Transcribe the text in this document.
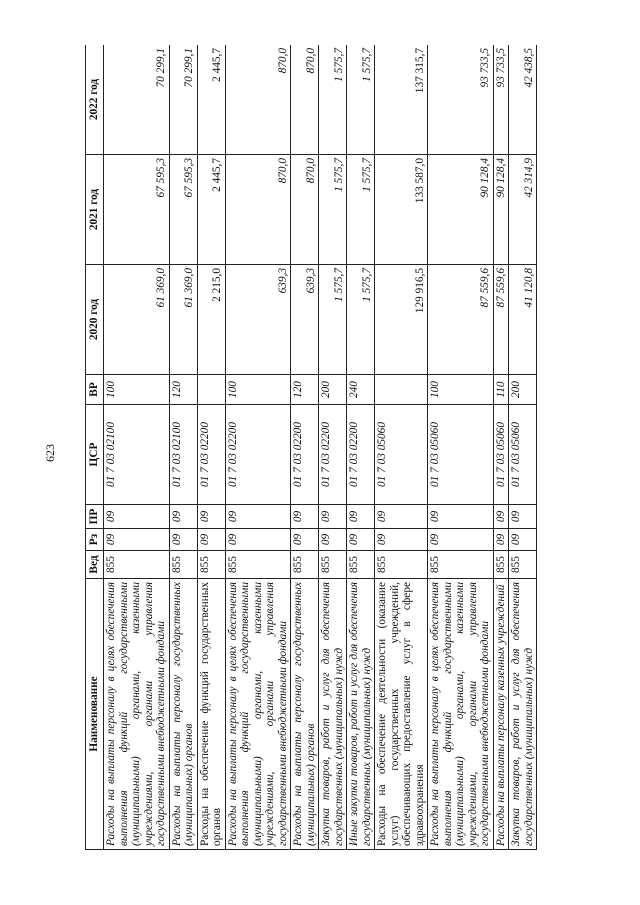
623
Наименование	Вед	Рз	ПР	ЦСР	ВР	2020 год	2021 год	2022 год
Расходы на выплаты персоналу в целях обеспечения выполнения функций государственными (муниципальными) органами, казенными учреждениями, органами управления государственными внебюджетными фондами	855	09	09	01 7 03 02100	100	61 369,0	67 595,3	70 299,1
Расходы на выплаты персоналу государственных (муниципальных) органов	855	09	09	01 7 03 02100	120	61 369,0	67 595,3	70 299,1
Расходы на обеспечение функций государственных органов	855	09	09	01 7 03 02200		2 215,0	2 445,7	2 445,7
Расходы на выплаты персоналу в целях обеспечения выполнения функций государственными (муниципальными) органами, казенными учреждениями, органами управления государственными внебюджетными фондами	855	09	09	01 7 03 02200	100	639,3	870,0	870,0
Расходы на выплаты персоналу государственных (муниципальных) органов	855	09	09	01 7 03 02200	120	639,3	870,0	870,0
Закупка товаров, работ и услуг для обеспечения государственных (муниципальных) нужд	855	09	09	01 7 03 02200	200	1 575,7	1 575,7	1 575,7
Иные закупки товаров, работ и услуг для обеспечения государственных (муниципальных) нужд	855	09	09	01 7 03 02200	240	1 575,7	1 575,7	1 575,7
Расходы на обеспечение деятельности (оказание услуг) государственных учреждений, обеспечивающих предоставление услуг в сфере здравоохранения	855	09	09	01 7 03 05060		129 916,5	133 587,0	137 315,7
Расходы на выплаты персоналу в целях обеспечения выполнения функций государственными (муниципальными) органами, казенными учреждениями, органами управления государственными внебюджетными фондами	855	09	09	01 7 03 05060	100	87 559,6	90 128,4	93 733,5
Расходы на выплаты персоналу казенных учреждений	855	09	09	01 7 03 05060	110	87 559,6	90 128,4	93 733,5
Закупка товаров, работ и услуг для обеспечения государственных (муниципальных) нужд	855	09	09	01 7 03 05060	200	41 120,8	42 314,9	42 438,5
